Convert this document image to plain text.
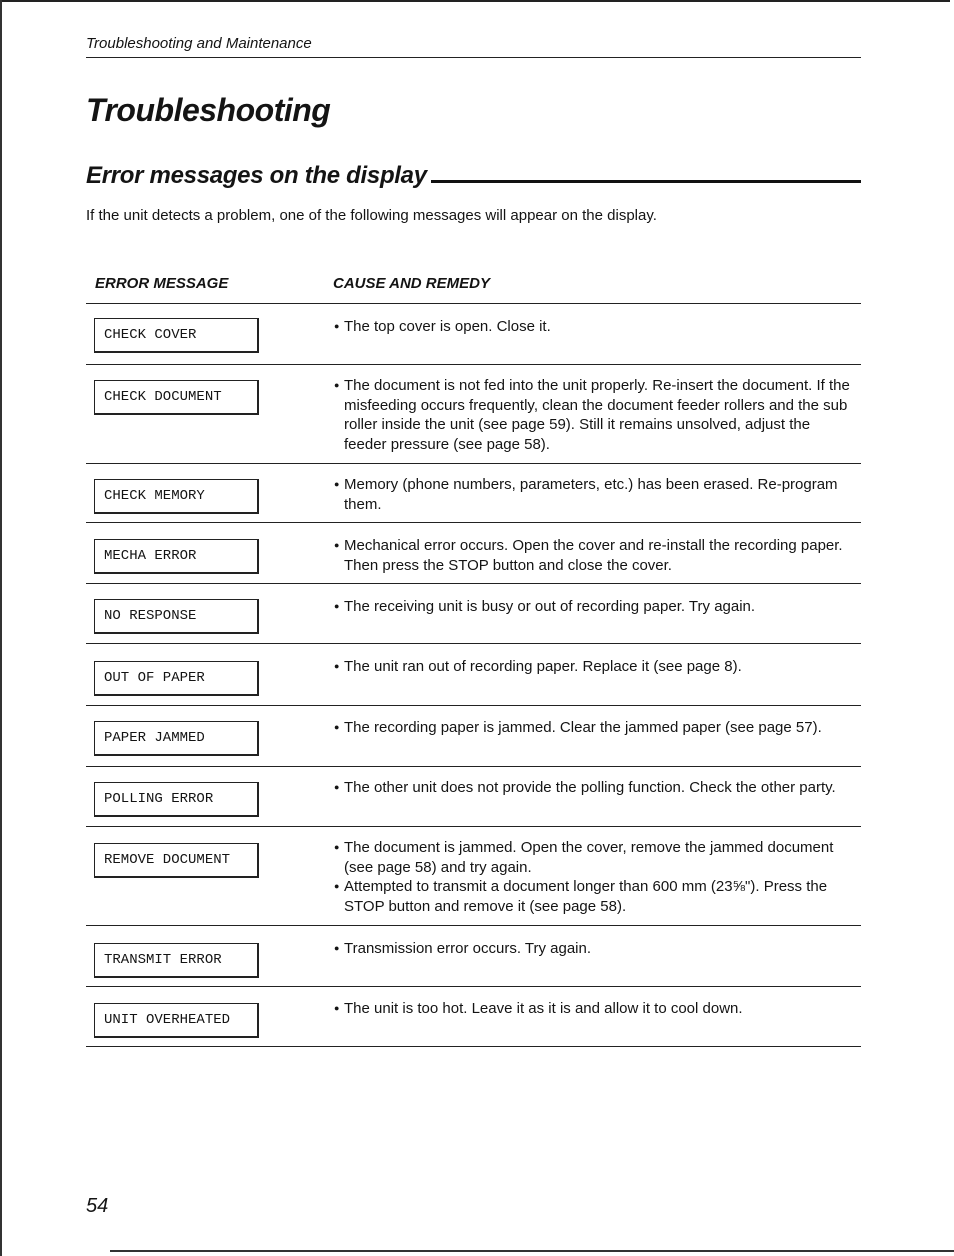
Troubleshooting and Maintenance
Troubleshooting
Error messages on the display

If the unit detects a problem, one of the following messages will appear on the display.

ERROR MESSAGE	CAUSE AND REMEDY
CHECK COVER
●	The top cover is open. Close it.
CHECK DOCUMENT
● The document is not fed into the unit properly. Re-insert the document. If the misfeeding occurs frequently, clean the document feeder rollers and the sub roller inside the unit (see page 59). Still it remains unsolved, adjust the feeder pressure (see page 58).
CHECK MEMORY
● Memory (phone numbers, parameters, etc.) has been erased. Re-program them.
MECHA ERROR
● Mechanical error occurs. Open the cover and re-install the recording paper. Then press the STOP button and close the cover.
NO RESPONSE
● The receiving unit is busy or out of recording paper. Try again.
OUT OF PAPER
● The unit ran out of recording paper. Replace it (see page 8).
PAPER JAMMED
● The recording paper is jammed. Clear the jammed paper (see page 57).
POLLING ERROR
● The other unit does not provide the polling function. Check the other party.
REMOVE DOCUMENT
● The document is jammed. Open the cover, remove the jammed document (see page 58) and try again.
● Attempted to transmit a document longer than 600 mm (23⅝"). Press the STOP button and remove it (see page 58).
TRANSMIT ERROR
● Transmission error occurs. Try again.
UNIT OVERHEATED
● The unit is too hot. Leave it as it is and allow it to cool down.
54
